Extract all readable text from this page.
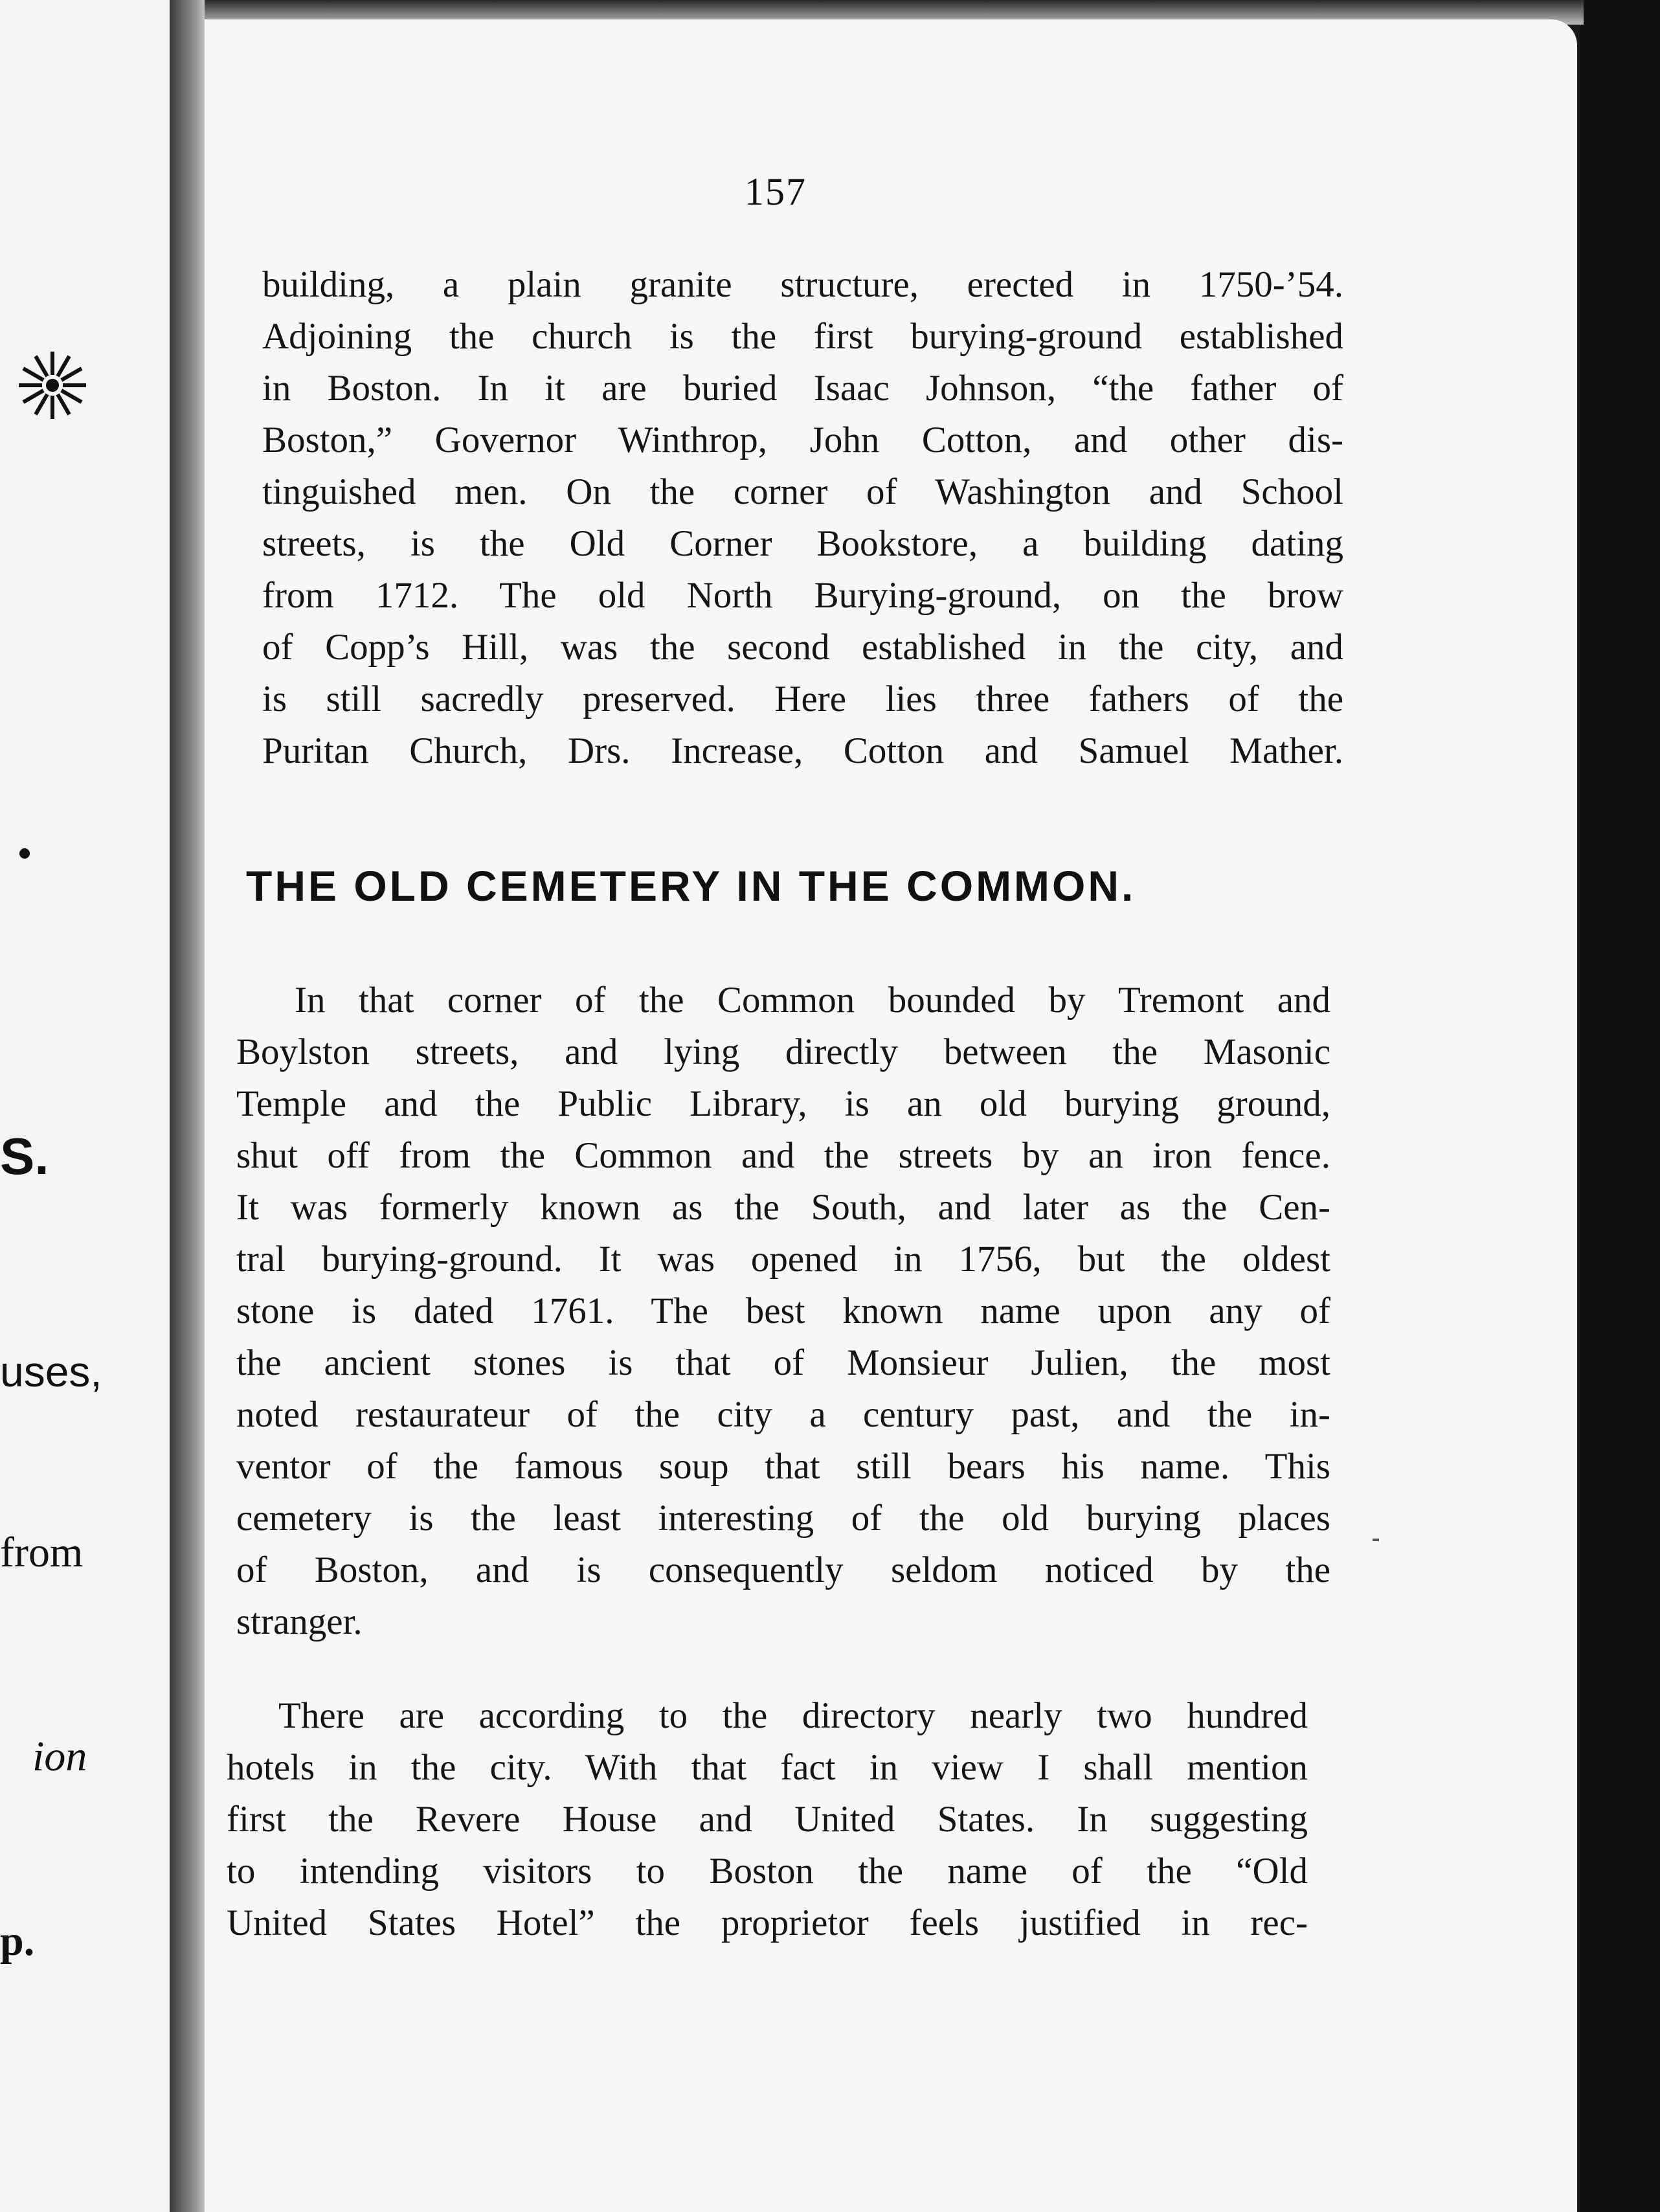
S.
uses,
from
ion
p.
157
building, a plain granite structure, erected in 1750-’54.
Adjoining the church is the first burying-ground established
in Boston. In it are buried Isaac Johnson, “the father of
Boston,” Governor Winthrop, John Cotton, and other dis-
tinguished men. On the corner of Washington and School
streets, is the Old Corner Bookstore, a building dating
from 1712. The old North Burying-ground, on the brow
of Copp’s Hill, was the second established in the city, and
is still sacredly preserved. Here lies three fathers of the
Puritan Church, Drs. Increase, Cotton and Samuel Mather.
THE OLD CEMETERY IN THE COMMON.
In that corner of the Common bounded by Tremont and
Boylston streets, and lying directly between the Masonic
Temple and the Public Library, is an old burying ground,
shut off from the Common and the streets by an iron fence.
It was formerly known as the South, and later as the Cen-
tral burying-ground. It was opened in 1756, but the oldest
stone is dated 1761. The best known name upon any of
the ancient stones is that of Monsieur Julien, the most
noted restaurateur of the city a century past, and the in-
ventor of the famous soup that still bears his name. This
cemetery is the least interesting of the old burying places
of Boston, and is consequently seldom noticed by the
stranger.
There are according to the directory nearly two hundred
hotels in the city. With that fact in view I shall mention
first the Revere House and United States. In suggesting
to intending visitors to Boston the name of the “Old
United States Hotel” the proprietor feels justified in rec-
